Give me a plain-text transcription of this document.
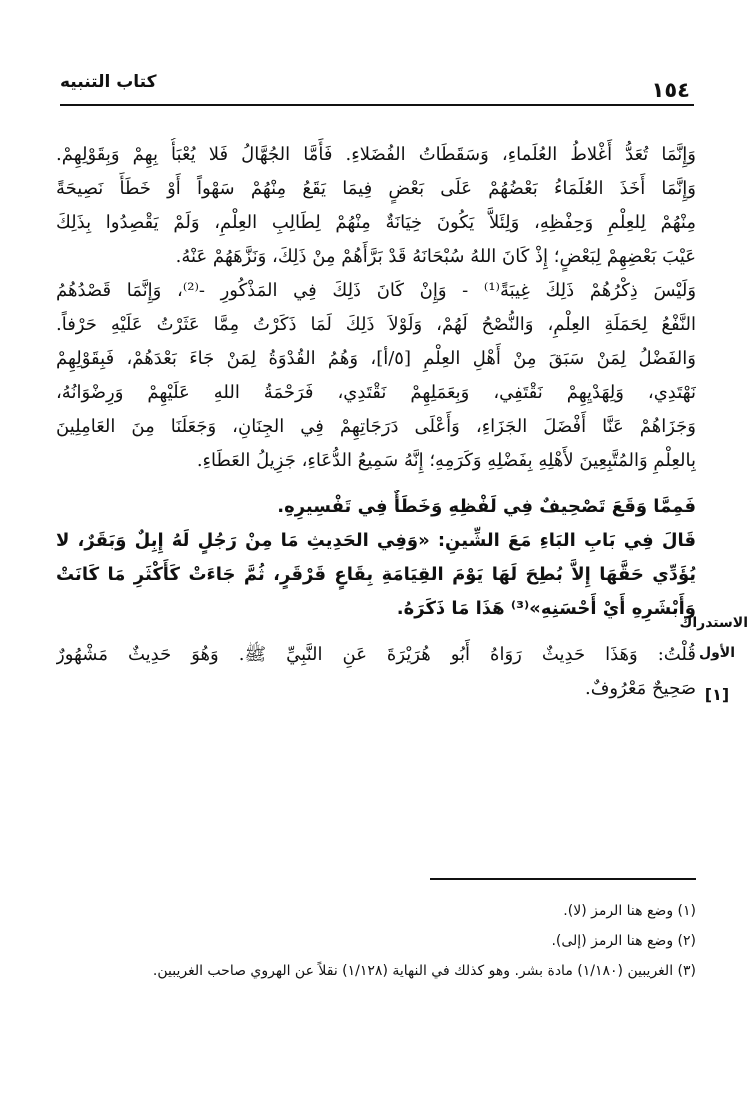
١٥٤
كتاب التنبيه
وَإِنَّمَا تُعَدُّ أَغْلاطُ العُلَماءِ، وَسَقَطَاتُ الفُضَلاءِ. فَأَمَّا الجُهَّالُ فَلا يُعْبَأُ بِهِمْ وَبِقَوْلِهِمْ.
وَإِنَّمَا أَخَذَ العُلَمَاءُ بَعْضُهُمْ عَلَى بَعْضٍ فِيمَا يَقَعُ مِنْهُمْ سَهْواً أَوْ خَطَأً نَصِيحَةً
مِنْهُمْ لِلعِلْمِ وَحِفْظِهِ، وَلِئَلاَّ يَكُونَ خِيَانَةٌ مِنْهُمْ لِطَالِبِ العِلْمِ، وَلَمْ يَقْصِدُوا بِذَلِكَ
عَيْبَ بَعْضِهِمْ لِبَعْضٍ؛ إِذْ كَانَ اللهُ سُبْحَانَهُ قَدْ بَرَّأَهُمْ مِنْ ذَلِكَ، وَنَزَّهَهُمْ عَنْهُ.
وَلَيْسَ ذِكْرُهُمْ ذَلِكَ غِيبَةً⁽¹⁾ - وَإِنْ كَانَ ذَلِكَ فِي المَذْكُورِ -⁽²⁾، وَإِنَّمَا قَصْدُهُمُ
النَّفْعُ لِحَمَلَةِ العِلْمِ، وَالنُّصْحُ لَهُمْ، وَلَوْلاَ ذَلِكَ لَمَا ذَكَرْتُ مِمَّا عَثَرْتُ عَلَيْهِ حَرْفاً.
وَالفَضْلُ لِمَنْ سَبَقَ مِنْ أَهْلِ العِلْمِ [٥/أ]، وَهُمُ القُدْوَةُ لِمَنْ جَاءَ بَعْدَهُمْ، فَبِقَوْلِهِمْ
نَهْتَدِي، وَلِهَدْيِهِمْ نَقْتَفِي، وَبِعَمَلِهِمْ نَقْتَدِي، فَرَحْمَةُ اللهِ عَلَيْهِمْ وَرِضْوَانُهُ،
وَجَزَاهُمْ عَنَّا أَفْضَلَ الجَزَاءِ، وَأَعْلَى دَرَجَاتِهِمْ فِي الجِنَانِ، وَجَعَلَنَا مِنَ العَامِلِينَ
بِالعِلْمِ وَالمُتَّبِعِينَ لأَهْلِهِ بِفَضْلِهِ وَكَرَمِهِ؛ إِنَّهُ سَمِيعُ الدُّعَاءِ، جَزِيلُ العَطَاءِ.
فَمِمَّا وَقَعَ تَصْحِيفٌ فِي لَفْظِهِ وَخَطَأٌ فِي تَفْسِيرِهِ.
قَالَ فِي بَابِ البَاءِ مَعَ الشِّينِ: «وَفِي الحَدِيثِ مَا مِنْ رَجُلٍ لَهُ إِبِلٌ وَبَقَرٌ، لا
يُؤَدِّي حَقَّهَا إِلاَّ بُطِحَ لَهَا يَوْمَ القِيَامَةِ بِقَاعٍ قَرْقَرٍ، ثُمَّ جَاءَتْ كَأَكْثَرِ مَا كَانَتْ
وَأَبْشَرِهِ أَيْ أَحْسَنِهِ»⁽³⁾ هَذَا مَا ذَكَرَهُ.
قُلْتُ: وَهَذَا حَدِيثٌ رَوَاهُ أَبُو هُرَيْرَةَ عَنِ النَّبِيِّ ﷺ. وَهُوَ حَدِيثٌ مَشْهُورٌ
صَحِيحٌ مَعْرُوفٌ.
الاستدراك
الأول
[١]
(١) وضع هنا الرمز (لا).
(٢) وضع هنا الرمز (إلى).
(٣) الغريبين (١/١٨٠) مادة بشر. وهو كذلك في النهاية (١/١٢٨) نقلاً عن الهروي صاحب الغريبين.
